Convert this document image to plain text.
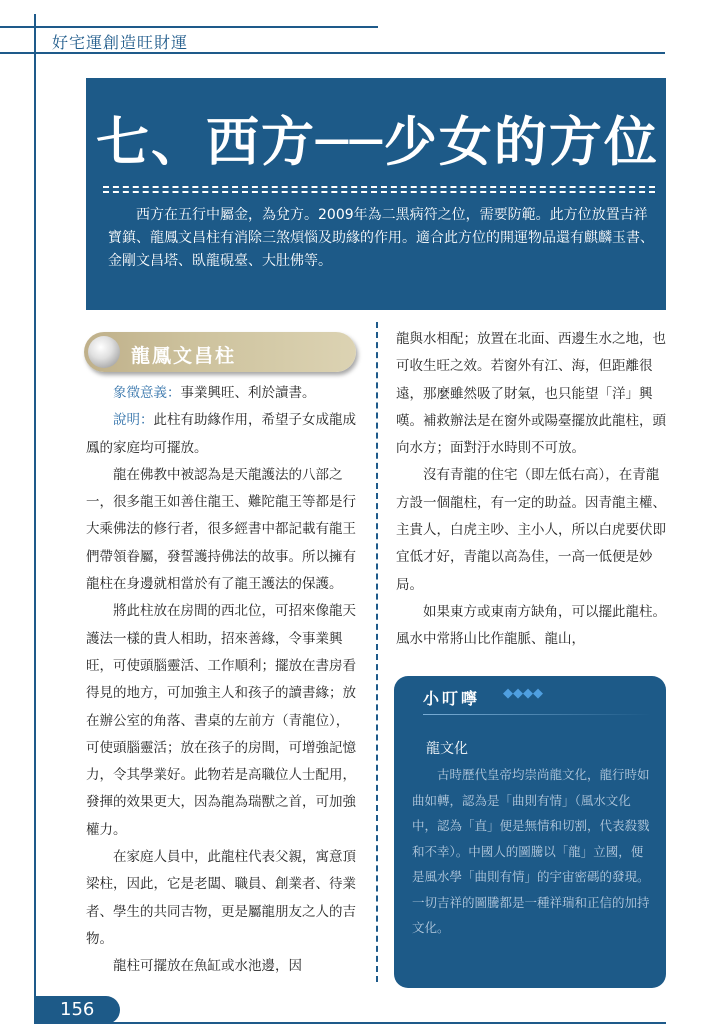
好宅運創造旺財運
七、西方──少女的方位
西方在五行中屬金，為兌方。2009年為二黑病符之位，需要防範。此方位放置吉祥寶鎮、龍鳳文昌柱有消除三煞煩惱及助緣的作用。適合此方位的開運物品還有麒麟玉書、金剛文昌塔、臥龍硯臺、大肚佛等。
龍鳳文昌柱

象徵意義：事業興旺、利於讀書。

說明：此柱有助緣作用，希望子女成龍成鳳的家庭均可擺放。

龍在佛教中被認為是天龍護法的八部之一，很多龍王如善住龍王、難陀龍王等都是行大乘佛法的修行者，很多經書中都記載有龍王們帶領眷屬，發誓護持佛法的故事。所以擁有龍柱在身邊就相當於有了龍王護法的保護。

將此柱放在房間的西北位，可招來像龍天護法一樣的貴人相助，招來善緣，令事業興旺，可使頭腦靈活、工作順利；擺放在書房看得見的地方，可加強主人和孩子的讀書緣；放在辦公室的角落、書桌的左前方（青龍位），可使頭腦靈活；放在孩子的房間，可增強記憶力，令其學業好。此物若是高職位人士配用，發揮的效果更大，因為龍為瑞獸之首，可加強權力。

在家庭人員中，此龍柱代表父親，寓意頂梁柱，因此，它是老闆、職員、創業者、待業者、學生的共同吉物，更是屬龍朋友之人的吉物。

龍柱可擺放在魚缸或水池邊，因

龍與水相配；放置在北面、西邊生水之地，也可收生旺之效。若窗外有江、海，但距離很遠，那麼雖然吸了財氣，也只能望「洋」興嘆。補救辦法是在窗外或陽臺擺放此龍柱，頭向水方；面對汙水時則不可放。

沒有青龍的住宅（即左低右高），在青龍方設一個龍柱，有一定的助益。因青龍主權、主貴人，白虎主吵、主小人，所以白虎要伏即宜低才好，青龍以高為佳，一高一低便是妙局。

如果東方或東南方缺角，可以擺此龍柱。風水中常將山比作龍脈、龍山，

小叮嚀 ◆◆◆◆
龍文化
古時歷代皇帝均崇尚龍文化，龍行時如曲如轉，認為是「曲則有情」（風水文化中，認為「直」便是無情和切割，代表殺戮和不幸）。中國人的圖騰以「龍」立國，便是風水學「曲則有情」的宇宙密碼的發現。一切吉祥的圖騰都是一種祥瑞和正信的加持文化。
156
